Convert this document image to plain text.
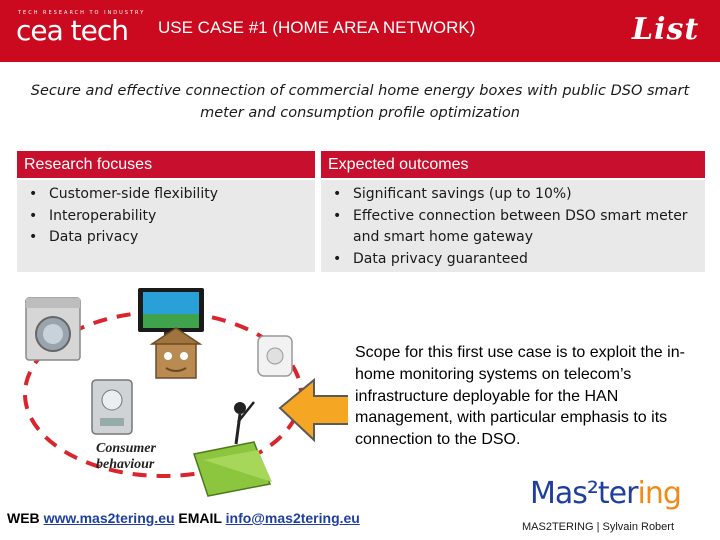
TECH RESEARCH TO INDUSTRY
cea tech USE CASE #1 (HOME AREA NETWORK)	List
Secure and effective connection of commercial home energy boxes with public DSO smart meter and consumption profile optimization
Research focuses	Expected outcomes
• Customer-side flexibility
• Interoperability
• Data privacy
• Significant savings (up to 10%)
• Effective connection between DSO smart meter and smart home gateway
• Data privacy guaranteed
Consumer
behaviour
Scope for this first use case is to exploit the in-home monitoring systems on telecom’s infrastructure deployable for the HAN management, with particular emphasis to its connection to the DSO.
WEB www.mas2tering.eu EMAIL info@mas2tering.eu
Mas²tering
MAS2TERING | Sylvain Robert
